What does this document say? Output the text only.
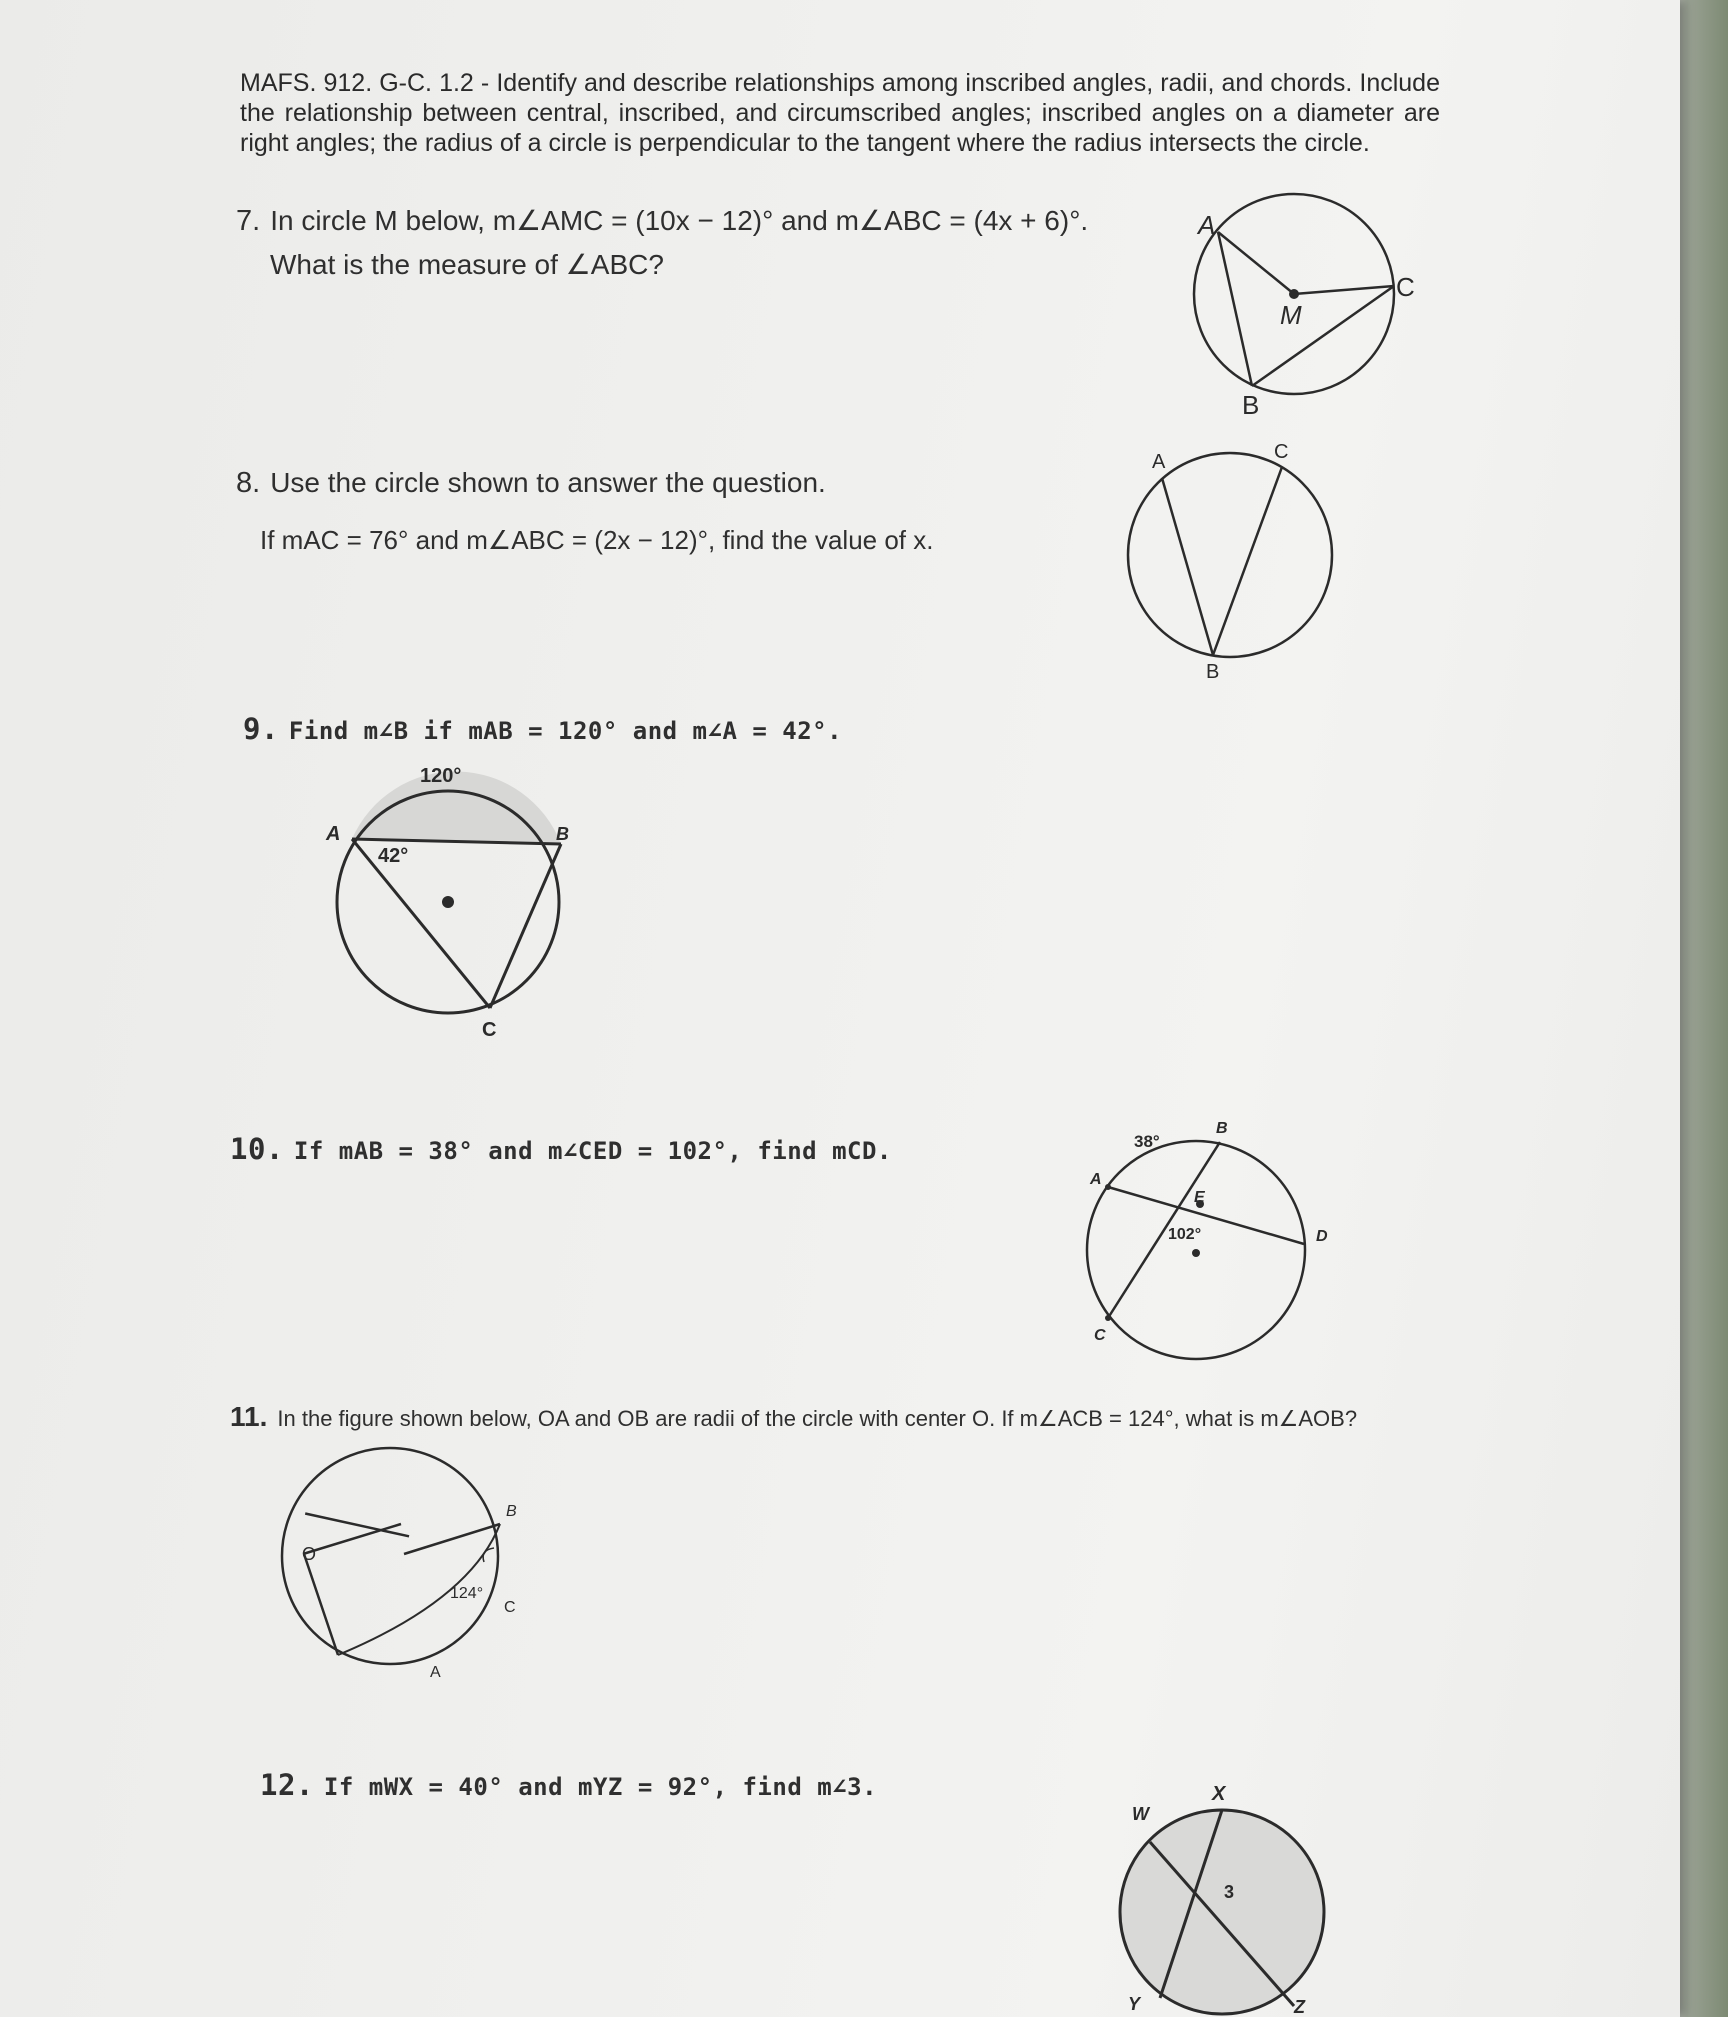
MAFS. 912. G-C. 1.2 - Identify and describe relationships among inscribed angles, radii, and chords. Include the relationship between central, inscribed, and circumscribed angles; inscribed angles on a diameter are right angles; the radius of a circle is perpendicular to the tangent where the radius intersects the circle.
7. In circle M below, m∠AMC = (10x − 12)° and m∠ABC = (4x + 6)°.
What is the measure of ∠ABC?
A
C
M
B
8. Use the circle shown to answer the question.
If mAC = 76° and m∠ABC = (2x − 12)°, find the value of x.
A	C
B
9. Find m∠B if mAB = 120° and m∠A = 42°.
120°
42°
A	B
C
10. If mAB = 38° and m∠CED = 102°, find mCD.	38°
B
A
E
102°	D
C
11. In the figure shown below, OA and OB are radii of the circle with center O. If m∠ACB = 124°, what is m∠AOB?
O
B
124°
C
A
12. If mWX = 40° and mYZ = 92°, find m∠3.
3
W
X
Y	Z
